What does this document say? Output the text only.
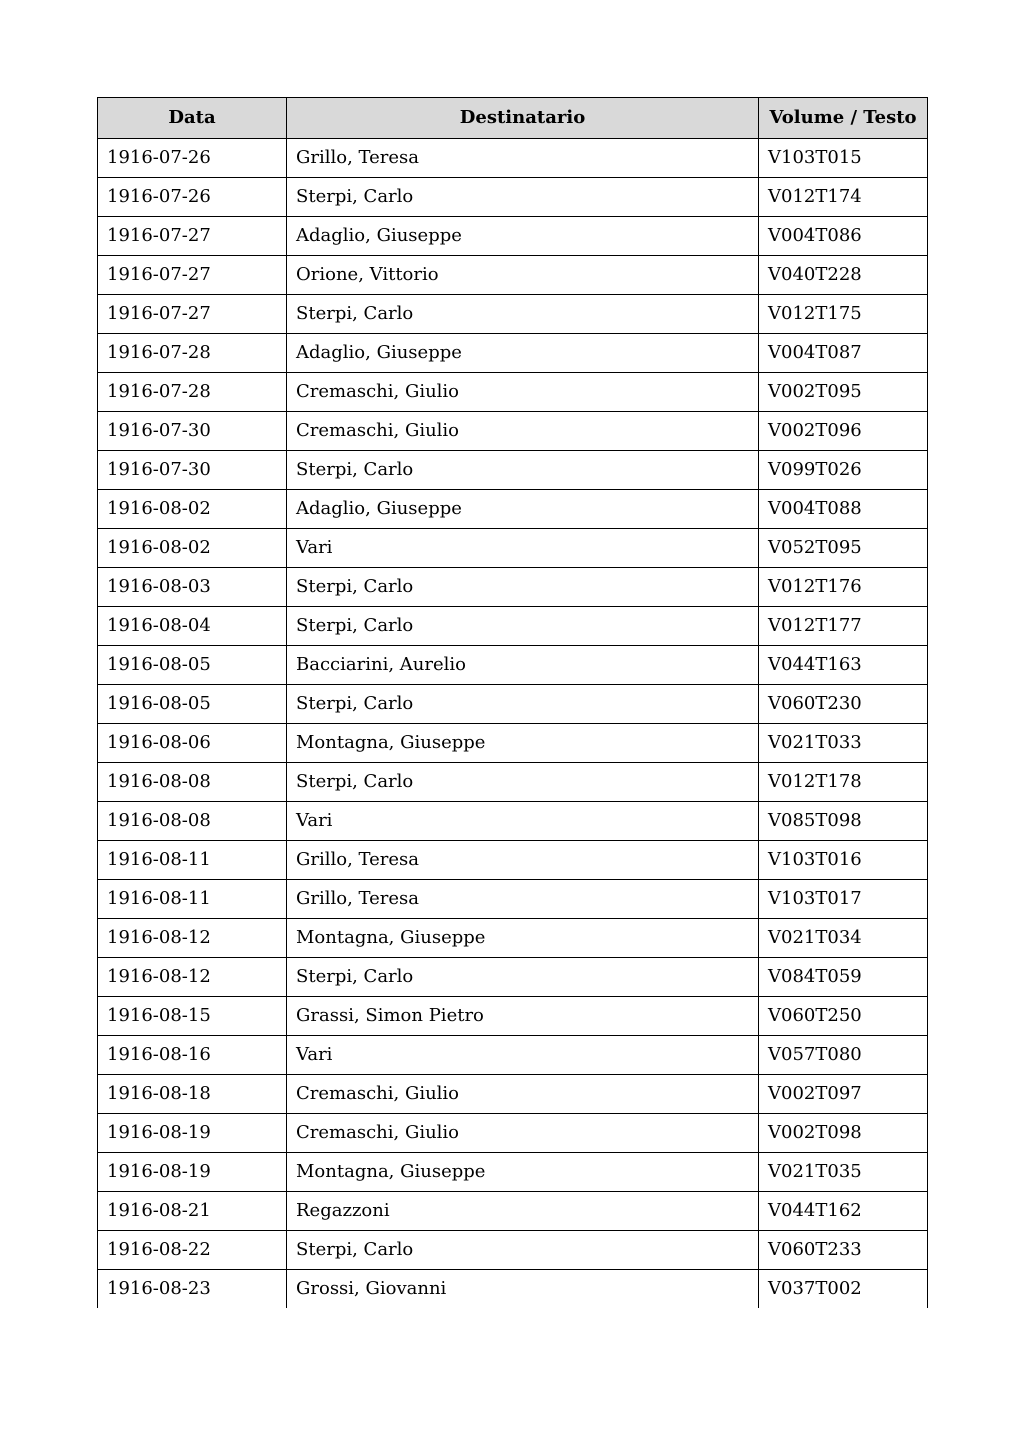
Data	Destinatario	Volume / Testo
1916-07-26	Grillo, Teresa	V103T015
1916-07-26	Sterpi, Carlo	V012T174
1916-07-27	Adaglio, Giuseppe	V004T086
1916-07-27	Orione, Vittorio	V040T228
1916-07-27	Sterpi, Carlo	V012T175
1916-07-28	Adaglio, Giuseppe	V004T087
1916-07-28	Cremaschi, Giulio	V002T095
1916-07-30	Cremaschi, Giulio	V002T096
1916-07-30	Sterpi, Carlo	V099T026
1916-08-02	Adaglio, Giuseppe	V004T088
1916-08-02	Vari	V052T095
1916-08-03	Sterpi, Carlo	V012T176
1916-08-04	Sterpi, Carlo	V012T177
1916-08-05	Bacciarini, Aurelio	V044T163
1916-08-05	Sterpi, Carlo	V060T230
1916-08-06	Montagna, Giuseppe	V021T033
1916-08-08	Sterpi, Carlo	V012T178
1916-08-08	Vari	V085T098
1916-08-11	Grillo, Teresa	V103T016
1916-08-11	Grillo, Teresa	V103T017
1916-08-12	Montagna, Giuseppe	V021T034
1916-08-12	Sterpi, Carlo	V084T059
1916-08-15	Grassi, Simon Pietro	V060T250
1916-08-16	Vari	V057T080
1916-08-18	Cremaschi, Giulio	V002T097
1916-08-19	Cremaschi, Giulio	V002T098
1916-08-19	Montagna, Giuseppe	V021T035
1916-08-21	Regazzoni	V044T162
1916-08-22	Sterpi, Carlo	V060T233
1916-08-23	Grossi, Giovanni	V037T002
